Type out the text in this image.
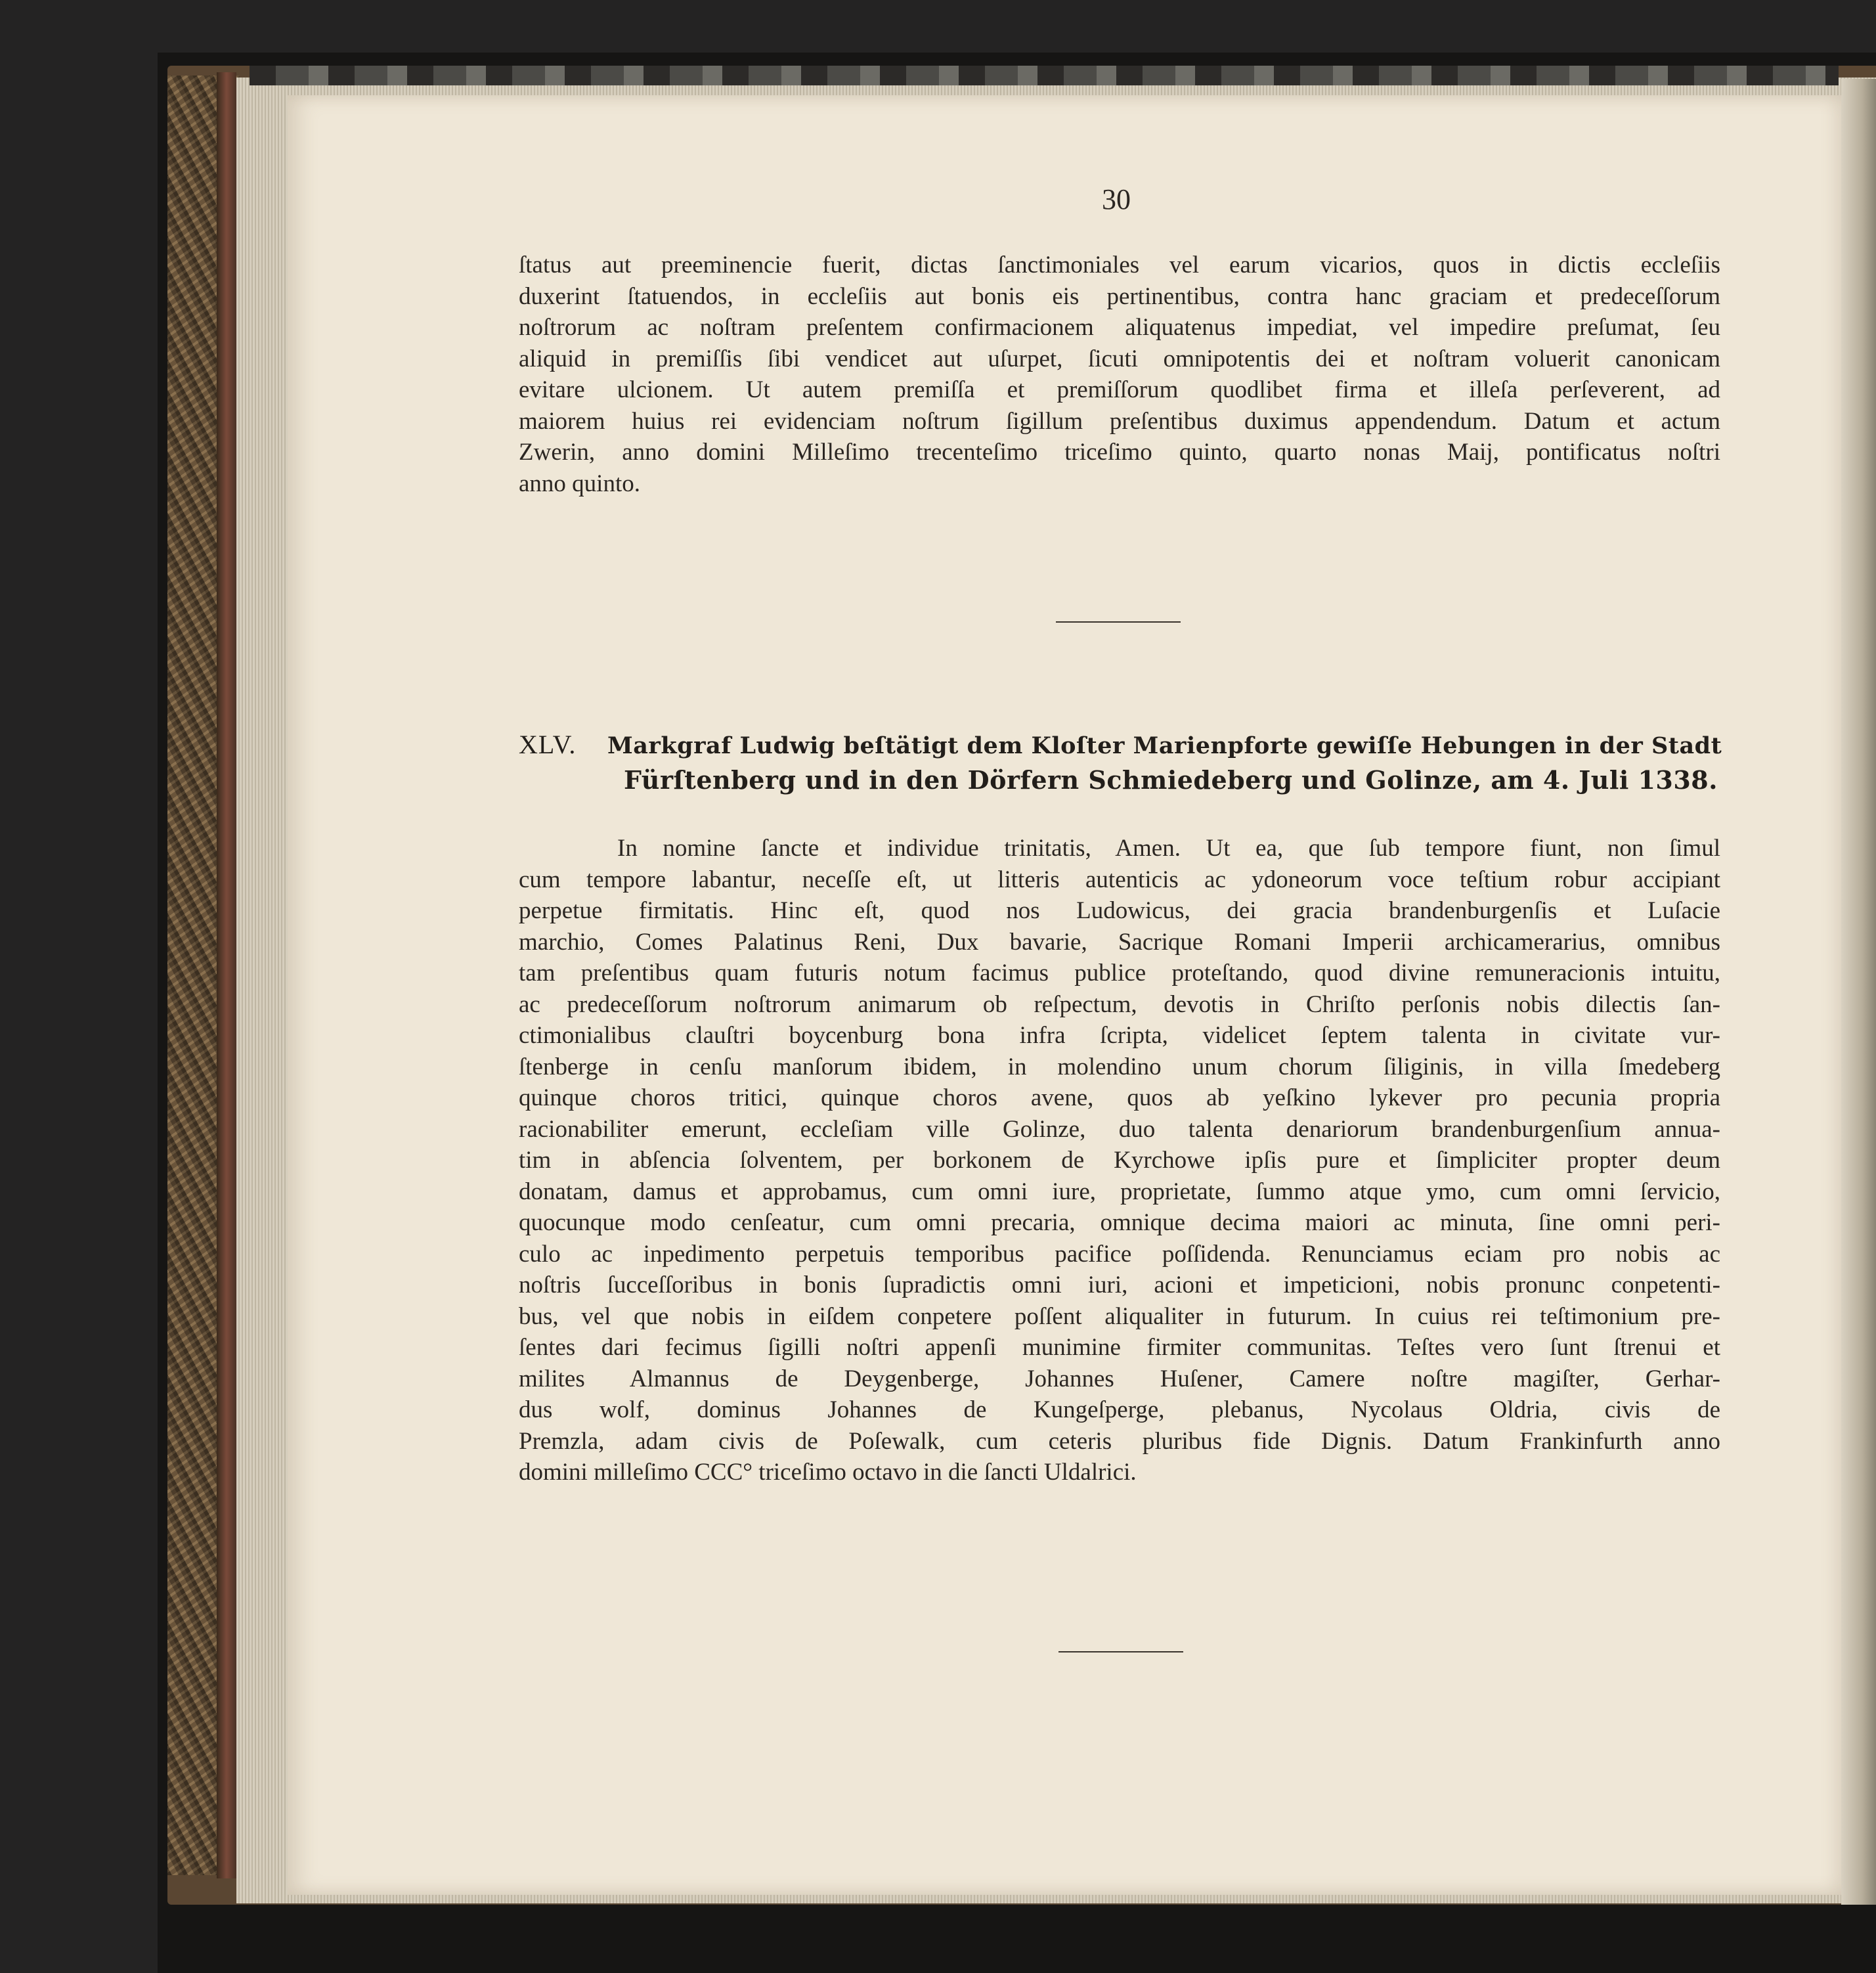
30
ſtatus aut preeminencie fuerit, dictas ſanctimoniales vel earum vicarios, quos in dictis eccleſiis
duxerint ſtatuendos, in eccleſiis aut bonis eis pertinentibus, contra hanc graciam et predeceſſorum
noſtrorum ac noſtram preſentem confirmacionem aliquatenus impediat, vel impedire preſumat, ſeu
aliquid in premiſſis ſibi vendicet aut uſurpet, ſicuti omnipotentis dei et noſtram voluerit canonicam
evitare ulcionem. Ut autem premiſſa et premiſſorum quodlibet firma et illeſa perſeverent, ad
maiorem huius rei evidenciam noſtrum ſigillum preſentibus duximus appendendum. Datum et actum
Zwerin, anno domini Milleſimo trecenteſimo triceſimo quinto, quarto nonas Maij, pontificatus noſtri
anno quinto.
XLV. Markgraf Ludwig beſtätigt dem Kloſter Marienpforte gewiſſe Hebungen in der Stadt
Fürſtenberg und in den Dörfern Schmiedeberg und Golinze, am 4. Juli 1338.
In nomine ſancte et individue trinitatis, Amen. Ut ea, que ſub tempore fiunt, non ſimul
cum tempore labantur, neceſſe eſt, ut litteris autenticis ac ydoneorum voce teſtium robur accipiant
perpetue firmitatis. Hinc eſt, quod nos Ludowicus, dei gracia brandenburgenſis et Luſacie
marchio, Comes Palatinus Reni, Dux bavarie, Sacrique Romani Imperii archicamerarius, omnibus
tam preſentibus quam futuris notum facimus publice proteſtando, quod divine remuneracionis intuitu,
ac predeceſſorum noſtrorum animarum ob reſpectum, devotis in Chriſto perſonis nobis dilectis ſan-
ctimonialibus clauſtri boycenburg bona infra ſcripta, videlicet ſeptem talenta in civitate vur-
ſtenberge in cenſu manſorum ibidem, in molendino unum chorum ſiliginis, in villa ſmedeberg
quinque choros tritici, quinque choros avene, quos ab yeſkino lykever pro pecunia propria
racionabiliter emerunt, eccleſiam ville Golinze, duo talenta denariorum brandenburgenſium annua-
tim in abſencia ſolventem, per borkonem de Kyrchowe ipſis pure et ſimpliciter propter deum
donatam, damus et approbamus, cum omni iure, proprietate, ſummo atque ymo, cum omni ſervicio,
quocunque modo cenſeatur, cum omni precaria, omnique decima maiori ac minuta, ſine omni peri-
culo ac inpedimento perpetuis temporibus pacifice poſſidenda. Renunciamus eciam pro nobis ac
noſtris ſucceſſoribus in bonis ſupradictis omni iuri, acioni et impeticioni, nobis pronunc conpetenti-
bus, vel que nobis in eiſdem conpetere poſſent aliqualiter in futurum. In cuius rei teſtimonium pre-
ſentes dari fecimus ſigilli noſtri appenſi munimine firmiter communitas. Teſtes vero ſunt ſtrenui et
milites Almannus de Deygenberge, Johannes Huſener, Camere noſtre magiſter, Gerhar-
dus wolf, dominus Johannes de Kungeſperge, plebanus, Nycolaus Oldria, civis de
Premzla, adam civis de Poſewalk, cum ceteris pluribus fide Dignis. Datum Frankinfurth anno
domini milleſimo CCC° triceſimo octavo in die ſancti Uldalrici.
